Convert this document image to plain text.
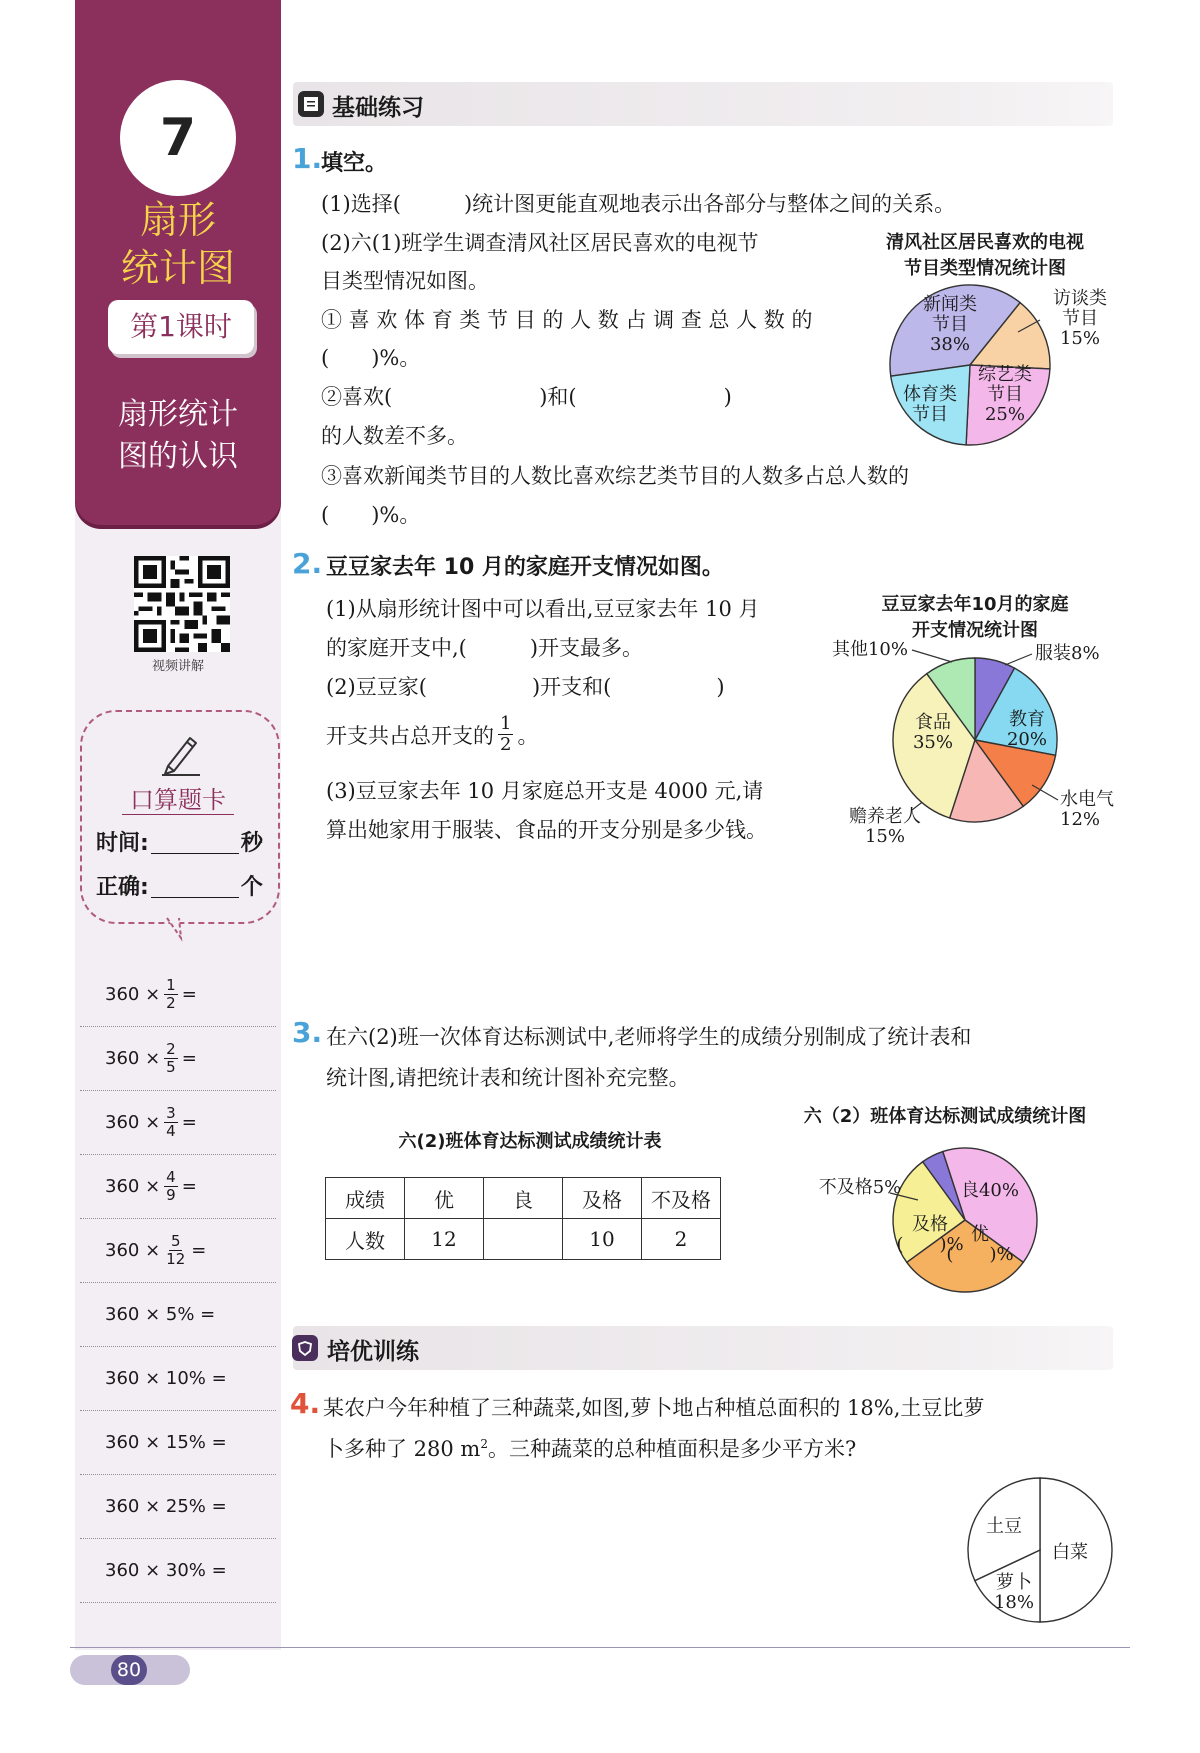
7
扇形
统计图
第1课时
扇形统计
图的认识
视频讲解
口算题卡
时间:	秒
正确:	个
$360 \times \frac{1}{2}$ =
$360 \times \frac{2}{5}$ =
$360 \times \frac{3}{4}$ =
$360 \times \frac{4}{9}$ =
$360 \times \frac{5}{12}$ =
360 × 5% =
360 × 10% =
360 × 15% =
360 × 25% =
360 × 30% =
基础练习
1.
填空。
(1)选择(　　　)统计图更能直观地表示出各部分与整体之间的关系。
(2)六(1)班学生调查清风社区居民喜欢的电视节
目类型情况如图。
① 喜 欢 体 育 类 节 目 的 人 数 占 调 查 总 人 数 的
(　　)%。
②喜欢(　　　　　　　)和(　　　　　　　)
的人数差不多。
③喜欢新闻类节目的人数比喜欢综艺类节目的人数多占总人数的
(　　)%。
清风社区居民喜欢的电视
节目类型情况统计图
新闻类节目 38%
访谈类节目 15%
综艺类节目 25%
体育类节目
2. 豆豆家去年 10 月的家庭开支情况如图。
(1)从扇形统计图中可以看出,豆豆家去年 10 月
的家庭开支中,(　　　)开支最多。
(2)豆豆家(　　　　　)开支和(　　　　　)
开支共占总开支的 $\frac{1}{2}$ 。
(3)豆豆家去年 10 月家庭总开支是 4000 元,请
算出她家用于服装、食品的开支分别是多少钱。
豆豆家去年10月的家庭
开支情况统计图
服装8%
教育 20%
水电气 12%
赡养老人 15%
食品 35%
其他10%
3. 在六(2)班一次体育达标测试中,老师将学生的成绩分别制成了统计表和
统计图,请把统计表和统计图补充完整。
六(2)班体育达标测试成绩统计表
成绩	优	良	及格	不及格
人数	12		10	2
六（2）班体育达标测试成绩统计图
良40%
优(　　)%
及格(　　)%
不及格5%
培优训练
4. 某农户今年种植了三种蔬菜,如图,萝卜地占种植总面积的 18%,土豆比萝
卜多种了 280 $m^2$。三种蔬菜的总种植面积是多少平方米?
白菜
萝卜 18%
土豆
80
